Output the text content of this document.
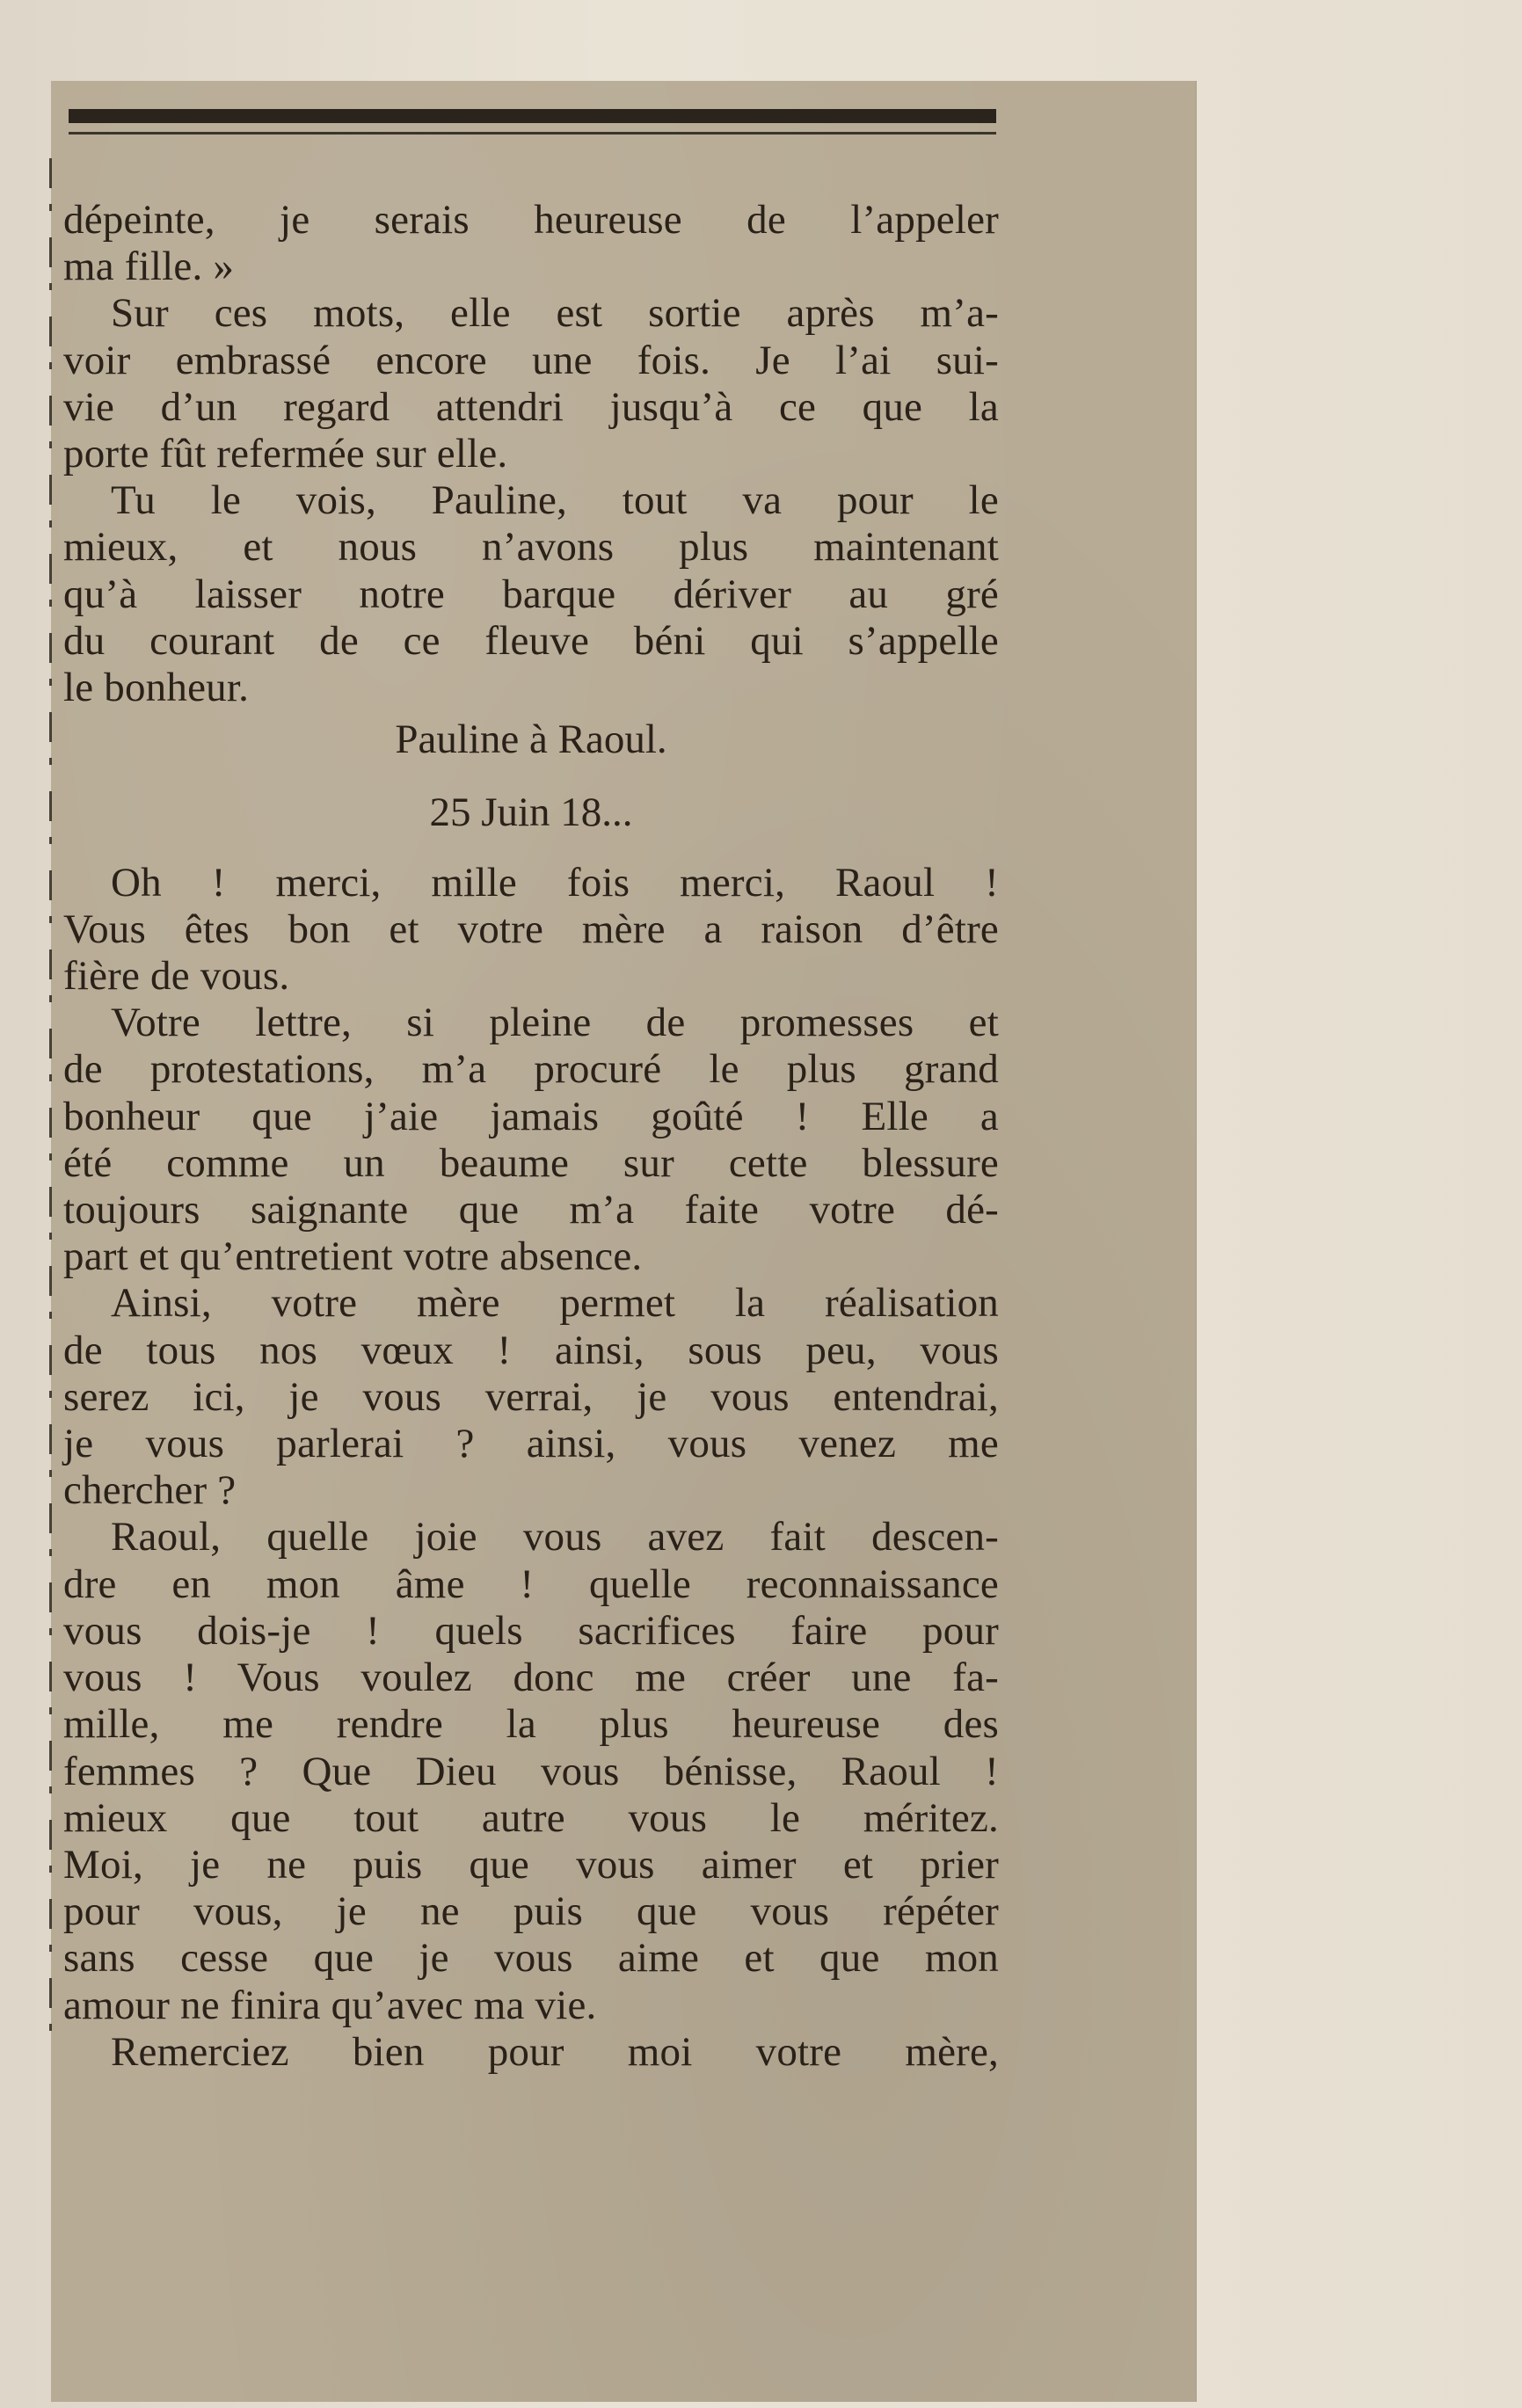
dépeinte, je serais heureuse de l’appeler
ma fille. »
Sur ces mots, elle est sortie après m’a-
voir embrassé encore une fois. Je l’ai sui-
vie d’un regard attendri jusqu’à ce que la
porte fût refermée sur elle.
Tu le vois, Pauline, tout va pour le
mieux, et nous n’avons plus maintenant
qu’à laisser notre barque dériver au gré
du courant de ce fleuve béni qui s’appelle
le bonheur.
Pauline à Raoul.
25 Juin 18...
Oh ! merci, mille fois merci, Raoul !
Vous êtes bon et votre mère a raison d’être
fière de vous.
Votre lettre, si pleine de promesses et
de protestations, m’a procuré le plus grand
bonheur que j’aie jamais goûté ! Elle a
été comme un beaume sur cette blessure
toujours saignante que m’a faite votre dé-
part et qu’entretient votre absence.
Ainsi, votre mère permet la réalisation
de tous nos vœux ! ainsi, sous peu, vous
serez ici, je vous verrai, je vous entendrai,
je vous parlerai ? ainsi, vous venez me
chercher ?
Raoul, quelle joie vous avez fait descen-
dre en mon âme ! quelle reconnaissance
vous dois-je ! quels sacrifices faire pour
vous ! Vous voulez donc me créer une fa-
mille, me rendre la plus heureuse des
femmes ? Que Dieu vous bénisse, Raoul !
mieux que tout autre vous le méritez.
Moi, je ne puis que vous aimer et prier
pour vous, je ne puis que vous répéter
sans cesse que je vous aime et que mon
amour ne finira qu’avec ma vie.
Remerciez bien pour moi votre mère,
